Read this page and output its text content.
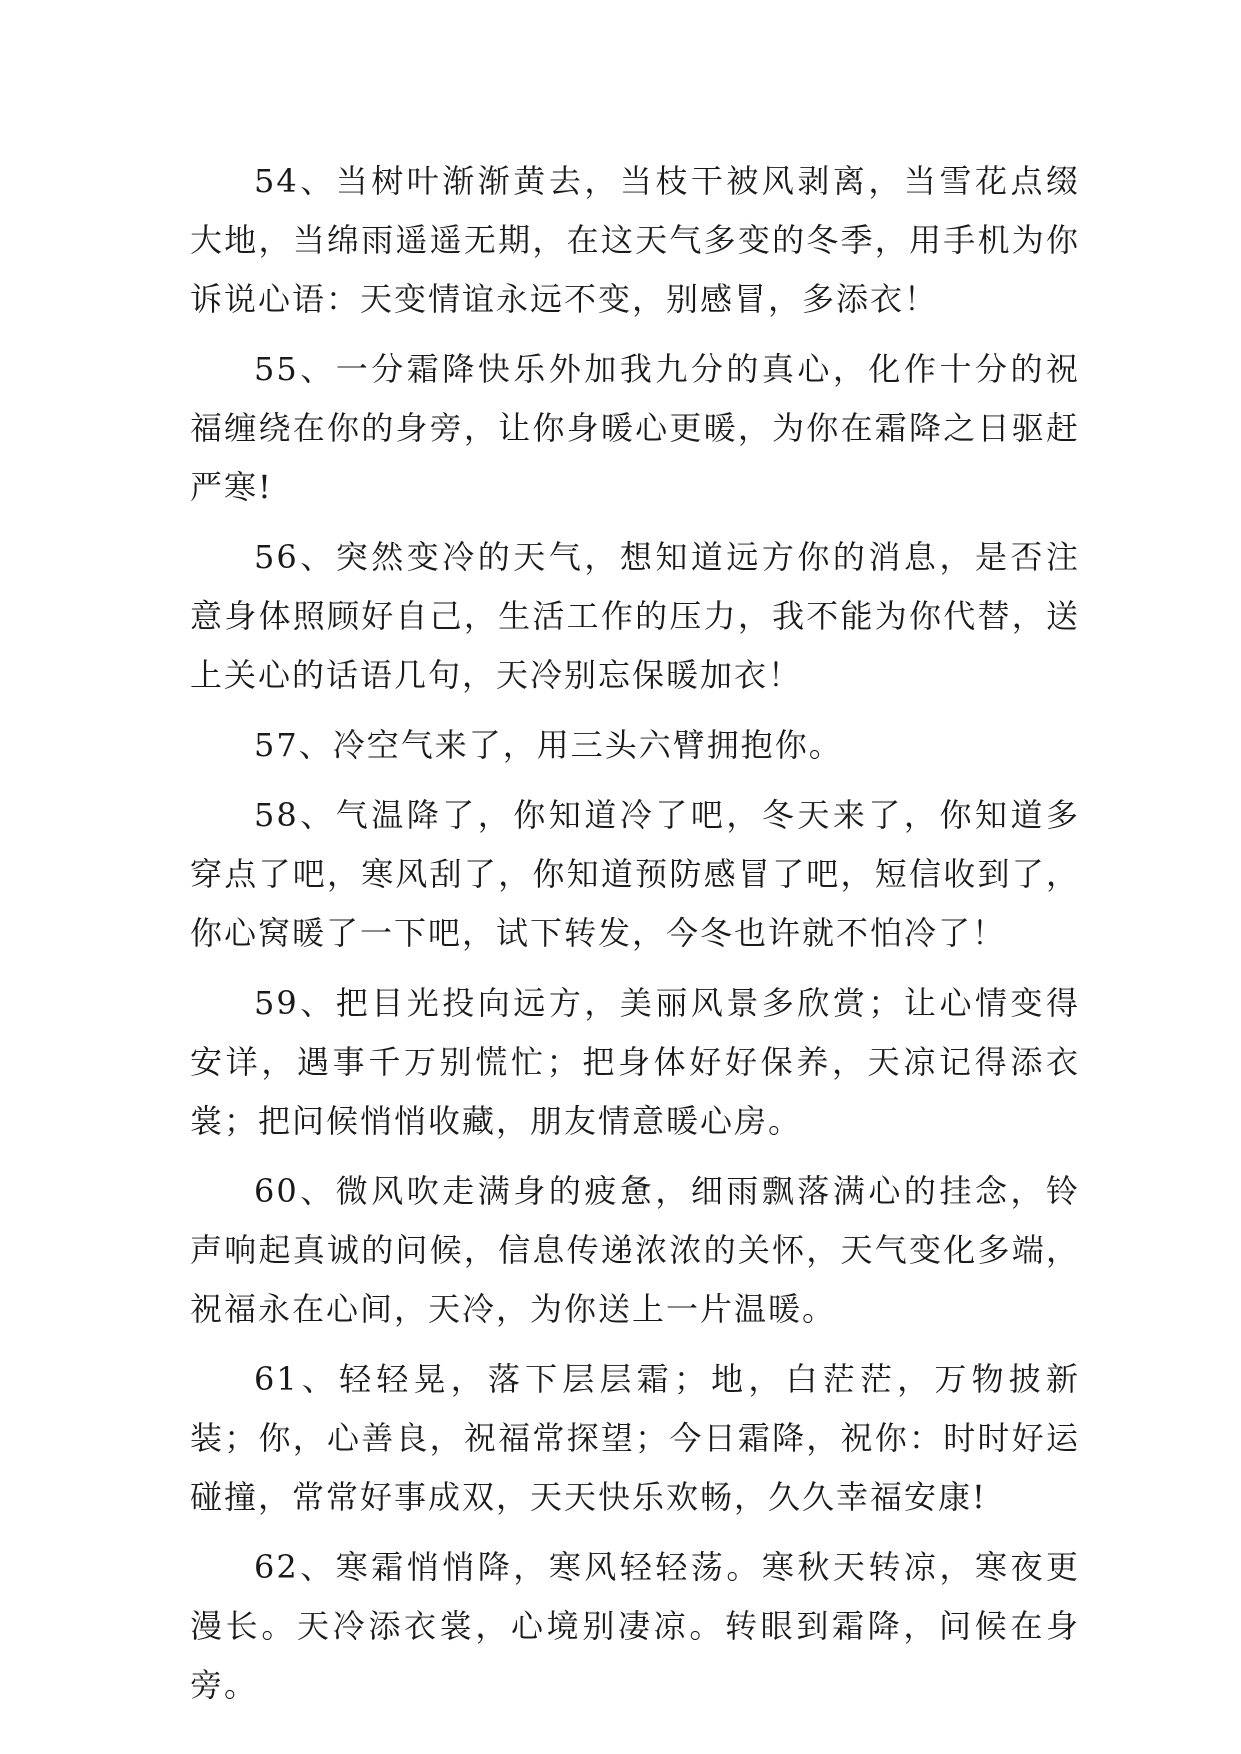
54、当树叶渐渐黄去，当枝干被风剥离，当雪花点缀大地，当绵雨遥遥无期，在这天气多变的冬季，用手机为你诉说心语：天变情谊永远不变，别感冒，多添衣！

55、一分霜降快乐外加我九分的真心，化作十分的祝福缠绕在你的身旁，让你身暖心更暖，为你在霜降之日驱赶严寒!

56、突然变冷的天气，想知道远方你的消息，是否注意身体照顾好自己，生活工作的压力，我不能为你代替，送上关心的话语几句，天冷别忘保暖加衣！

57、冷空气来了，用三头六臂拥抱你。

58、气温降了，你知道冷了吧，冬天来了，你知道多穿点了吧，寒风刮了，你知道预防感冒了吧，短信收到了，你心窝暖了一下吧，试下转发，今冬也许就不怕冷了！

59、把目光投向远方，美丽风景多欣赏；让心情变得安详，遇事千万别慌忙；把身体好好保养，天凉记得添衣裳；把问候悄悄收藏，朋友情意暖心房。

60、微风吹走满身的疲惫，细雨飘落满心的挂念，铃声响起真诚的问候，信息传递浓浓的关怀，天气变化多端，祝福永在心间，天冷，为你送上一片温暖。

61、轻轻晃，落下层层霜；地，白茫茫，万物披新装；你，心善良，祝福常探望；今日霜降，祝你：时时好运碰撞，常常好事成双，天天快乐欢畅，久久幸福安康!

62、寒霜悄悄降，寒风轻轻荡。寒秋天转凉，寒夜更漫长。天冷添衣裳，心境别凄凉。转眼到霜降，问候在身旁。
